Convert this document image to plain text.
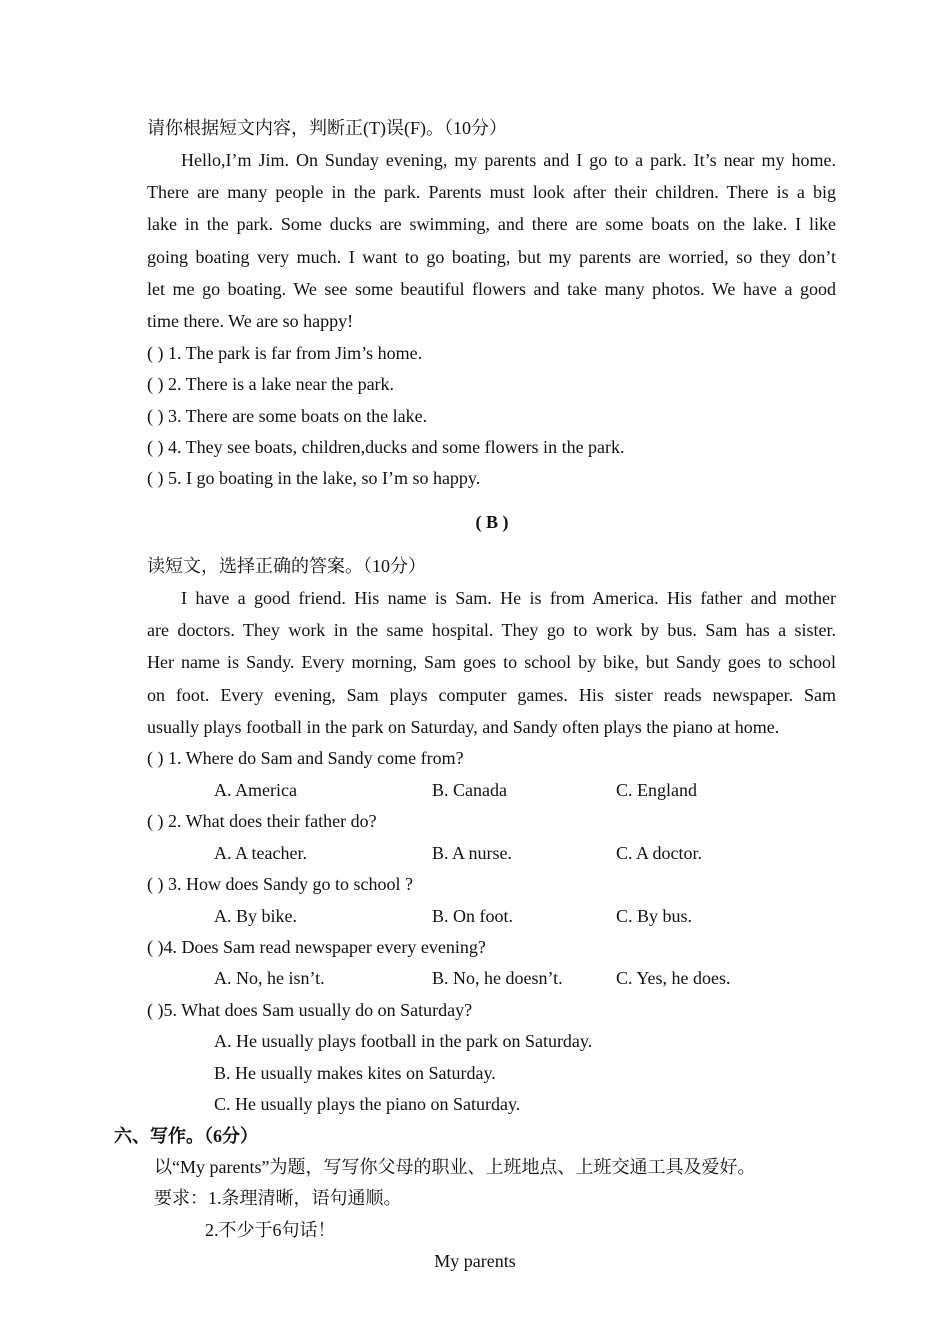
请你根据短文内容，判断正(T)误(F)。（10分）
Hello,I’m Jim. On Sunday evening, my parents and I go to a park. It’s near my home.
There are many people in the park. Parents must look after their children. There is a big
lake in the park. Some ducks are swimming, and there are some boats on the lake. I like
going boating very much. I want to go boating, but my parents are worried, so they don’t
let me go boating. We see some beautiful flowers and take many photos. We have a good
time there. We are so happy!
( ) 1. The park is far from Jim’s home.
( ) 2. There is a lake near the park.
( ) 3. There are some boats on the lake.
( ) 4. They see boats, children,ducks and some flowers in the park.
( ) 5. I go boating in the lake, so I’m so happy.
( B )
读短文，选择正确的答案。（10分）
I have a good friend. His name is Sam. He is from America. His father and mother
are doctors. They work in the same hospital. They go to work by bus. Sam has a sister.
Her name is Sandy. Every morning, Sam goes to school by bike, but Sandy goes to school
on foot. Every evening, Sam plays computer games. His sister reads newspaper. Sam
usually plays football in the park on Saturday, and Sandy often plays the piano at home.
( ) 1. Where do Sam and Sandy come from?
A. America	B. Canada	C. England
( ) 2. What does their father do?
A. A teacher.	B. A nurse.	C. A doctor.
( ) 3. How does Sandy go to school ?
A. By bike.	B. On foot.	C. By bus.
( )4. Does Sam read newspaper every evening?
A. No, he isn’t.	B. No, he doesn’t.	C. Yes, he does.
( )5. What does Sam usually do on Saturday?
A. He usually plays football in the park on Saturday.
B. He usually makes kites on Saturday.
C. He usually plays the piano on Saturday.
六、写作。（6分）
以“My parents”为题，写写你父母的职业、上班地点、上班交通工具及爱好。
要求：1.条理清晰，语句通顺。
2.不少于6句话！
My parents
